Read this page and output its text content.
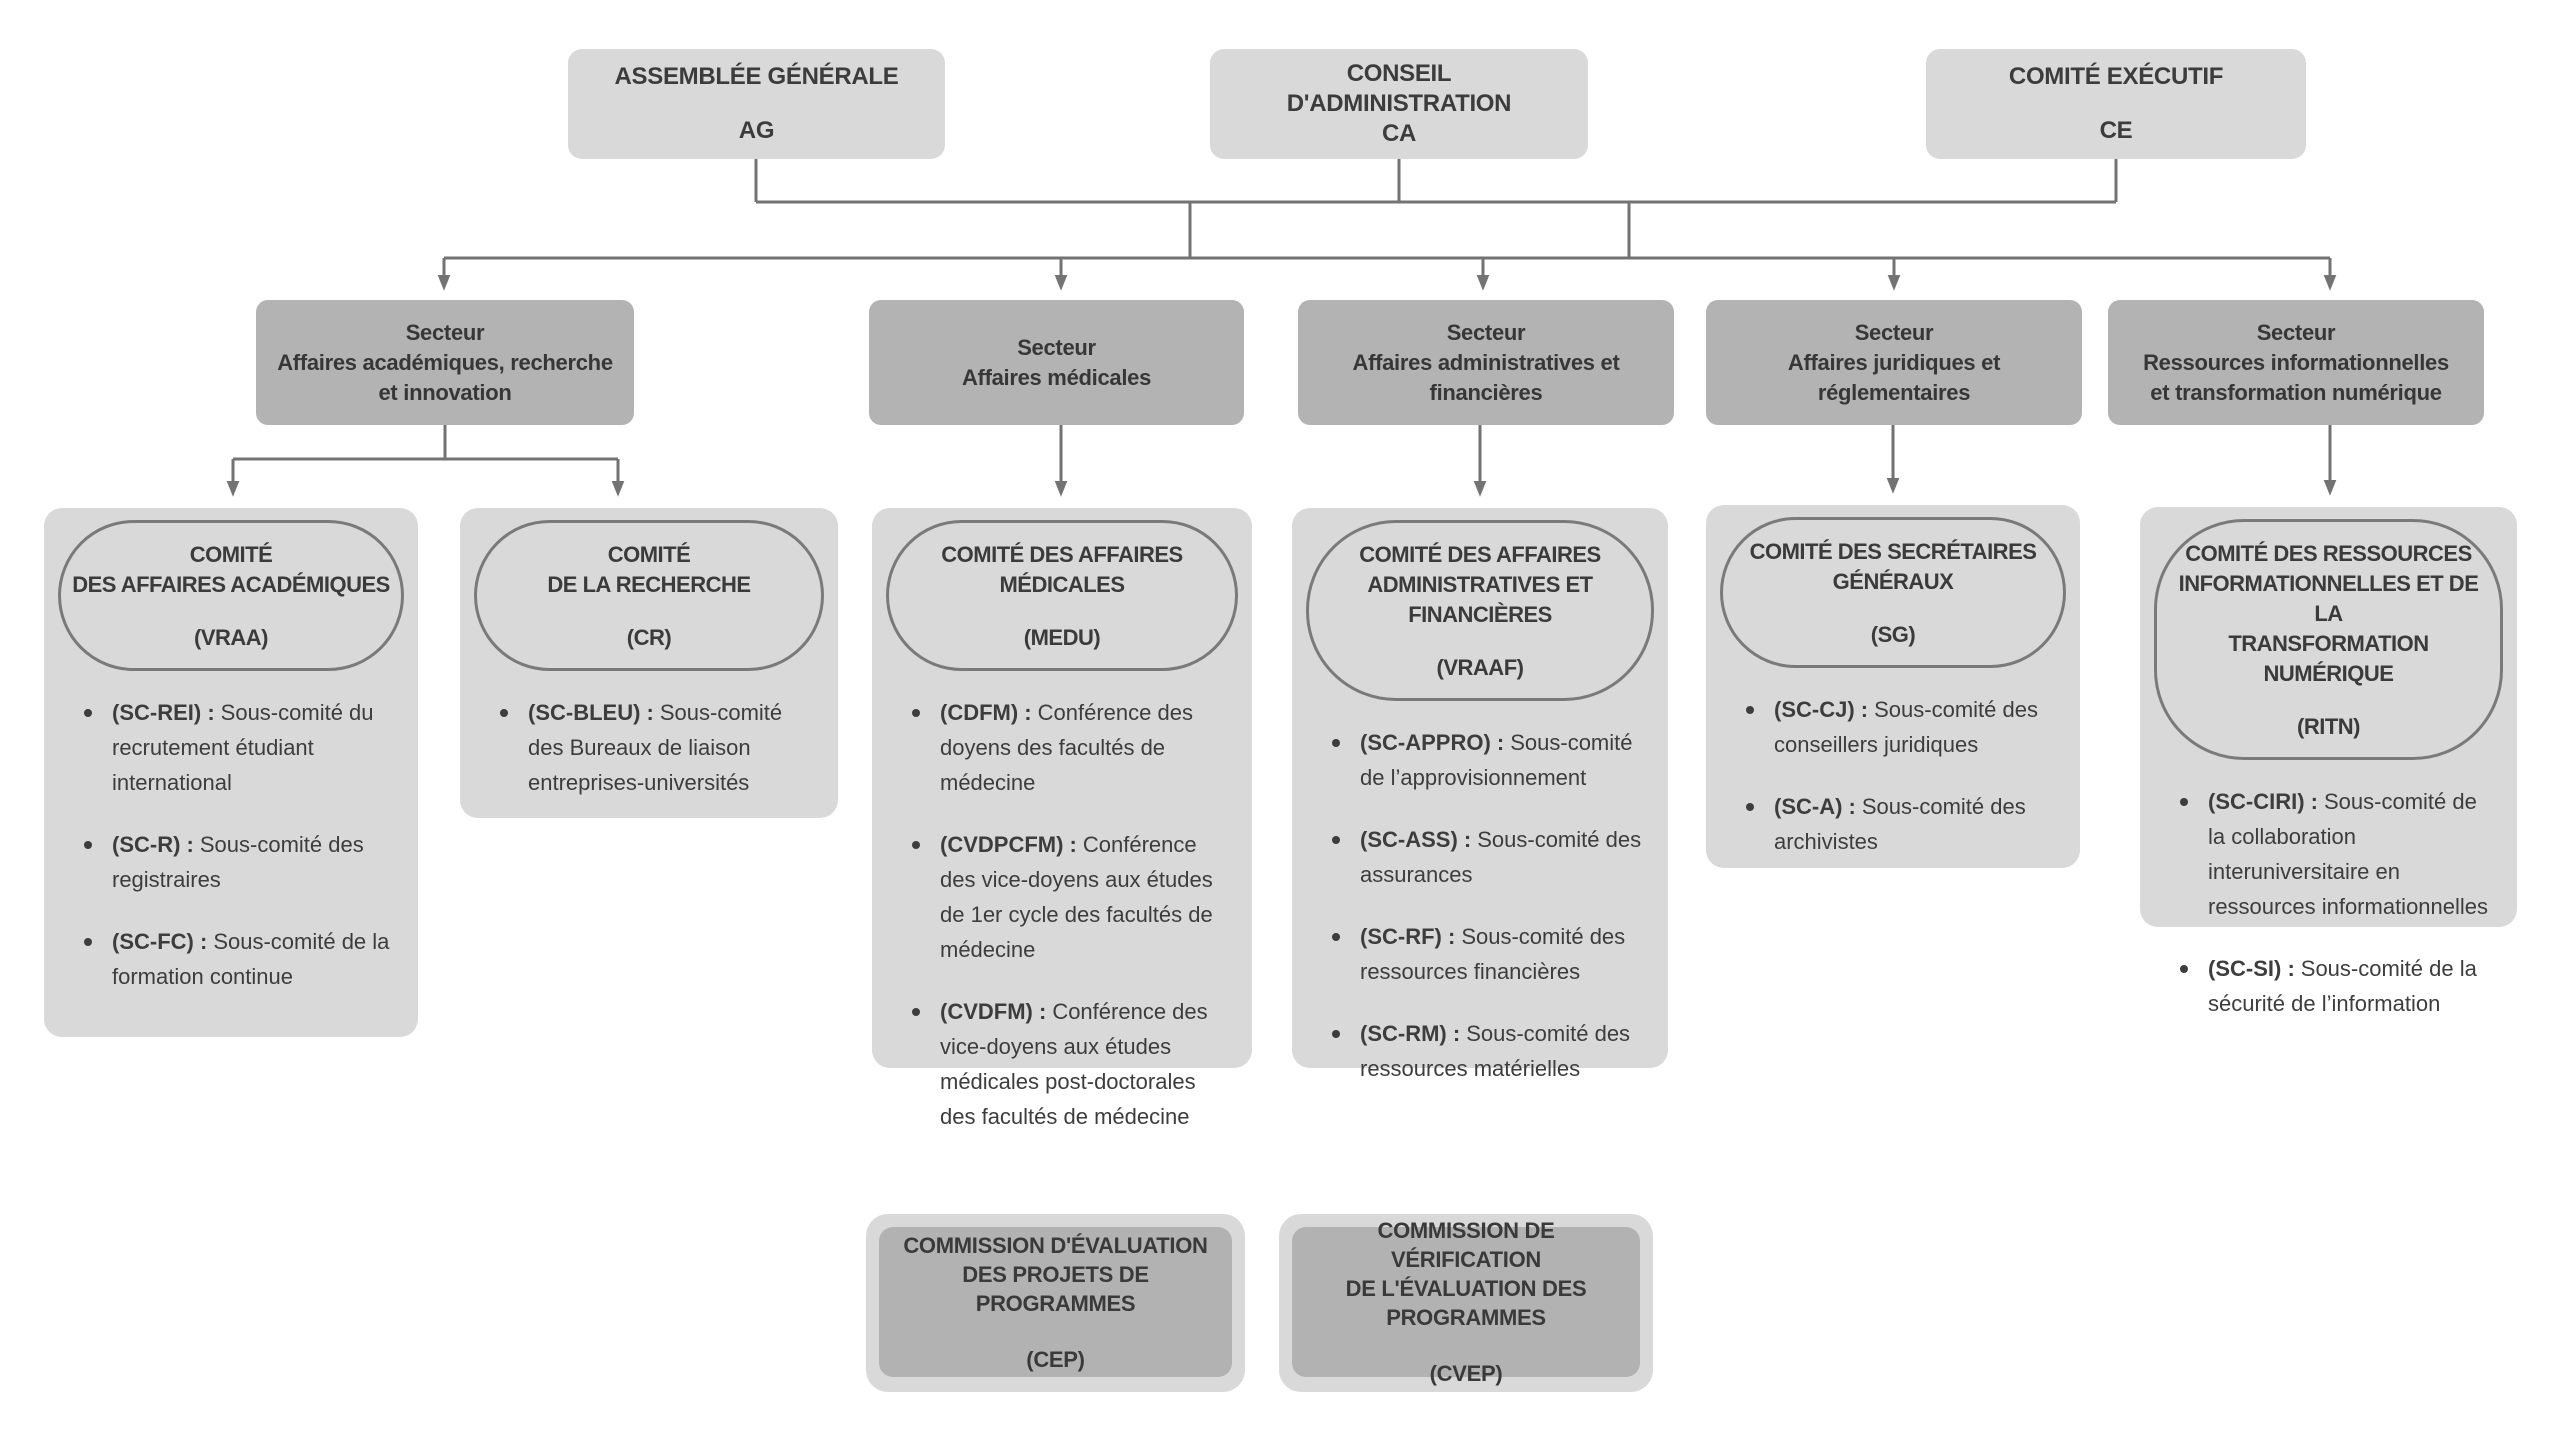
ASSEMBLÉE GÉNÉRALE
AG
CONSEIL
D'ADMINISTRATION
CA
COMITÉ EXÉCUTIF
CE
Secteur
Affaires académiques, recherche
et innovation
Secteur
Affaires médicales
Secteur
Affaires administratives et
financières
Secteur
Affaires juridiques et
réglementaires
Secteur
Ressources informationnelles
et transformation numérique
COMITÉ
DES AFFAIRES ACADÉMIQUES
(VRAA)
(SC-REI) : Sous-comité du recrutement étudiant international
(SC-R) : Sous-comité des registraires
(SC-FC) : Sous-comité de la formation continue
COMITÉ
DE LA RECHERCHE
(CR)
(SC-BLEU) : Sous-comité des Bureaux de liaison entreprises-universités
COMITÉ DES AFFAIRES
MÉDICALES
(MEDU)
(CDFM) : Conférence des doyens des facultés de médecine
(CVDPCFM) : Conférence des vice-doyens aux études de 1er cycle des facultés de médecine
(CVDFM) : Conférence des vice-doyens aux études médicales post-doctorales des facultés de médecine
COMITÉ DES AFFAIRES
ADMINISTRATIVES ET
FINANCIÈRES
(VRAAF)
(SC-APPRO) : Sous-comité de l’approvisionnement
(SC-ASS) : Sous-comité des assurances
(SC-RF) : Sous-comité des ressources financières
(SC-RM) : Sous-comité des ressources matérielles
COMITÉ DES SECRÉTAIRES
GÉNÉRAUX
(SG)
(SC-CJ) : Sous-comité des conseillers juridiques
(SC-A) : Sous-comité des archivistes
COMITÉ DES RESSOURCES
INFORMATIONNELLES ET DE LA
TRANSFORMATION NUMÉRIQUE
(RITN)
(SC-CIRI) : Sous-comité de la collaboration interuniversitaire en ressources informationnelles
(SC-SI) : Sous-comité de la sécurité de l’information
COMMISSION D'ÉVALUATION
DES PROJETS DE PROGRAMMES
(CEP)
COMMISSION DE VÉRIFICATION
DE L'ÉVALUATION DES
PROGRAMMES
(CVEP)
